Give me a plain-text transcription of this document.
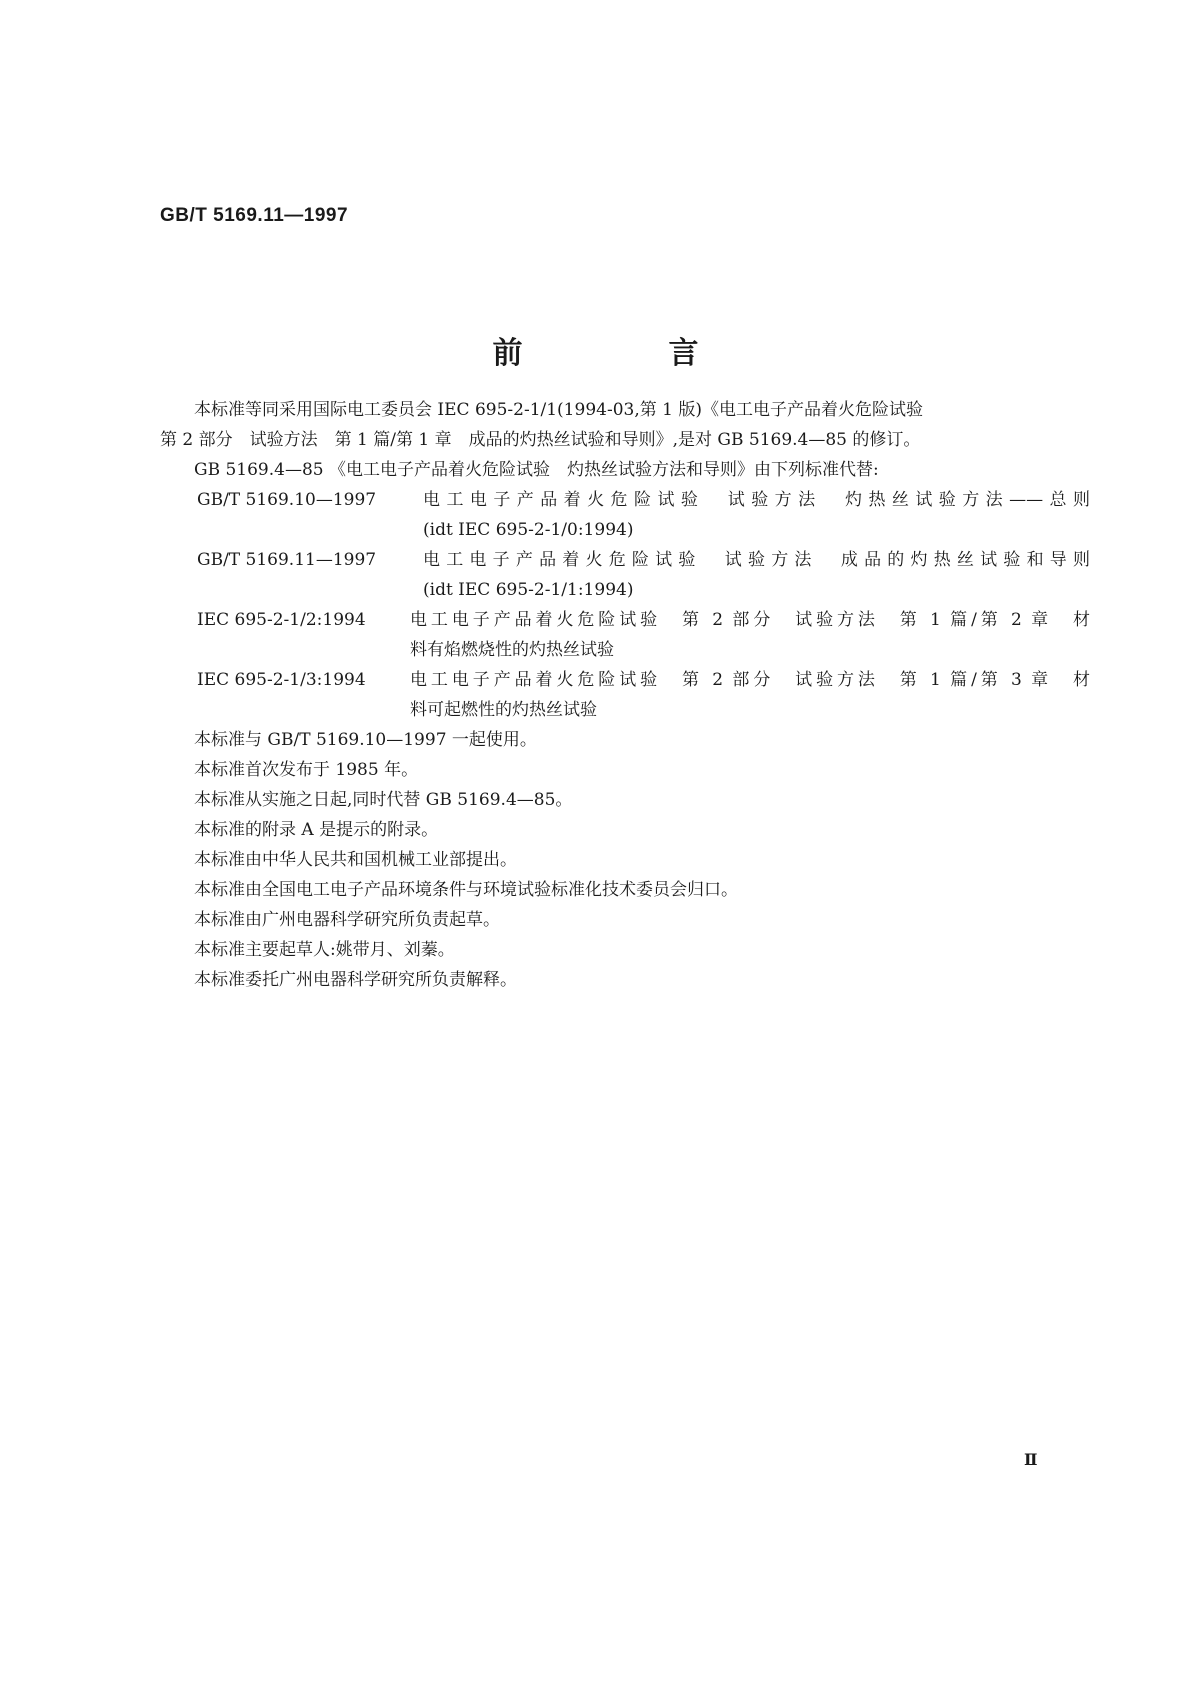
GB/T 5169.11—1997
前　言

本标准等同采用国际电工委员会 IEC 695-2-1/1(1994-03,第 1 版)《电工电子产品着火危险试验

第 2 部分　试验方法　第 1 篇/第 1 章　成品的灼热丝试验和导则》,是对 GB 5169.4—85 的修订。

GB 5169.4—85 《电工电子产品着火危险试验　灼热丝试验方法和导则》由下列标准代替:

GB/T 5169.10—1997	电工电子产品着火危险试验　试验方法　灼热丝试验方法——总则
(idt IEC 695-2-1/0:1994)
GB/T 5169.11—1997	电工电子产品着火危险试验　试验方法　成品的灼热丝试验和导则
(idt IEC 695-2-1/1:1994)
IEC 695-2-1/2:1994	电工电子产品着火危险试验　第 2 部分　试验方法　第 1 篇/第 2 章　材
料有焰燃烧性的灼热丝试验
IEC 695-2-1/3:1994	电工电子产品着火危险试验　第 2 部分　试验方法　第 1 篇/第 3 章　材
料可起燃性的灼热丝试验

本标准与 GB/T 5169.10—1997 一起使用。

本标准首次发布于 1985 年。

本标准从实施之日起,同时代替 GB 5169.4—85。

本标准的附录 A 是提示的附录。

本标准由中华人民共和国机械工业部提出。

本标准由全国电工电子产品环境条件与环境试验标准化技术委员会归口。

本标准由广州电器科学研究所负责起草。

本标准主要起草人:姚带月、刘蓁。

本标准委托广州电器科学研究所负责解释。

Ⅱ
